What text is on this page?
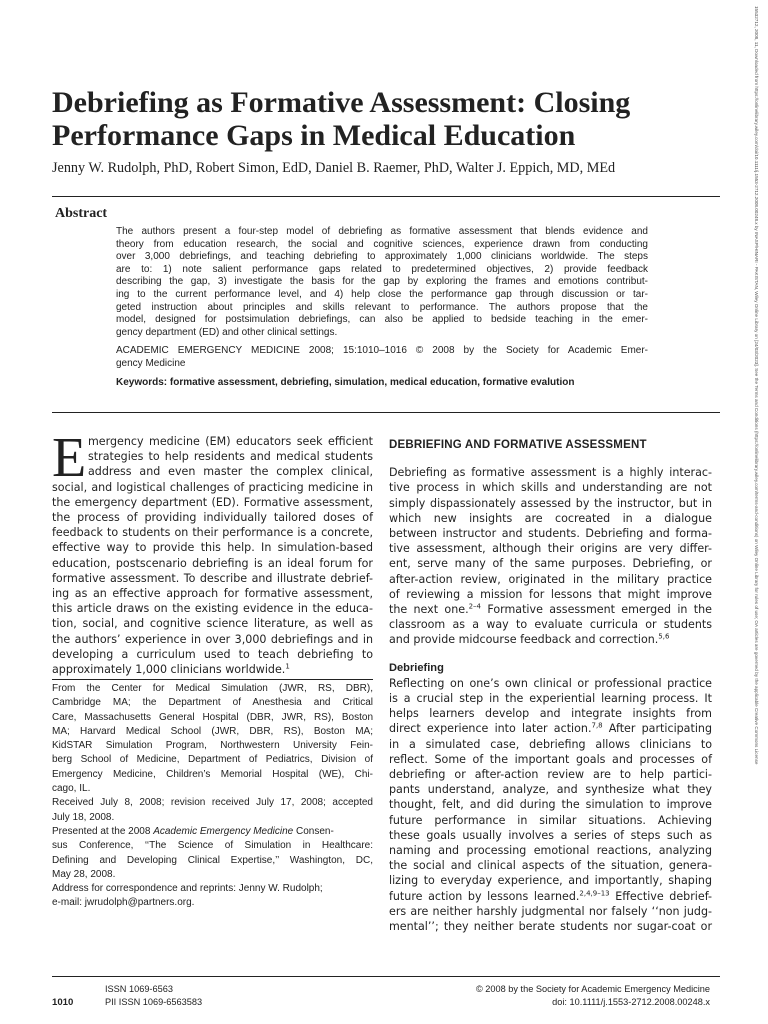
15532712, 2008, 11, Downloaded from https://onlinelibrary.wiley.com/doi/10.1111/j.1553-2712.2008.00248.x by INASP/HINARI - PAKISTAN, Wiley Online Library on [24/03/2023]. See the Terms and Conditions (https://onlinelibrary.wiley.com/terms-and-conditions) on Wiley Online Library for rules of use; OA articles are governed by the applicable Creative Commons License
Debriefing as Formative Assessment: Closing
Performance Gaps in Medical Education
Jenny W. Rudolph, PhD, Robert Simon, EdD, Daniel B. Raemer, PhD, Walter J. Eppich, MD, MEd
Abstract
The authors present a four-step model of debriefing as formative assessment that blends evidence and
theory from education research, the social and cognitive sciences, experience drawn from conducting
over 3,000 debriefings, and teaching debriefing to approximately 1,000 clinicians worldwide. The steps
are to: 1) note salient performance gaps related to predetermined objectives, 2) provide feedback
describing the gap, 3) investigate the basis for the gap by exploring the frames and emotions contribut-
ing to the current performance level, and 4) help close the performance gap through discussion or tar-
geted instruction about principles and skills relevant to performance. The authors propose that the
model, designed for postsimulation debriefings, can also be applied to bedside teaching in the emer-
gency department (ED) and other clinical settings.
ACADEMIC EMERGENCY MEDICINE 2008; 15:1010–1016 © 2008 by the Society for Academic Emer-
gency Medicine
Keywords: formative assessment, debriefing, simulation, medical education, formative evalution
E mergency medicine (EM) educators seek efficient
strategies to help residents and medical students
address and even master the complex clinical,
social, and logistical challenges of practicing medicine in
the emergency department (ED). Formative assessment,
the process of providing individually tailored doses of
feedback to students on their performance is a concrete,
effective way to provide this help. In simulation-based
education, postscenario debriefing is an ideal forum for
formative assessment. To describe and illustrate debrief-
ing as an effective approach for formative assessment,
this article draws on the existing evidence in the educa-
tion, social, and cognitive science literature, as well as
the authors’ experience in over 3,000 debriefings and in
developing a curriculum used to teach debriefing to
approximately 1,000 clinicians worldwide.$^1$
From the Center for Medical Simulation (JWR, RS, DBR),
Cambridge MA; the Department of Anesthesia and Critical
Care, Massachusetts General Hospital (DBR, JWR, RS), Boston
MA; Harvard Medical School (JWR, DBR, RS), Boston MA;
KidSTAR Simulation Program, Northwestern University Fein-
berg School of Medicine, Department of Pediatrics, Division of
Emergency Medicine, Children’s Memorial Hospital (WE), Chi-
cago, IL.
Received July 8, 2008; revision received July 17, 2008; accepted
July 18, 2008.
Presented at the 2008 Academic Emergency Medicine Consen-
sus Conference, ‘‘The Science of Simulation in Healthcare:
Defining and Developing Clinical Expertise,’’ Washington, DC,
May 28, 2008.
Address for correspondence and reprints: Jenny W. Rudolph;
e-mail: jwrudolph@partners.org.
DEBRIEFING AND FORMATIVE ASSESSMENT
Debriefing as formative assessment is a highly interac-
tive process in which skills and understanding are not
simply dispassionately assessed by the instructor, but in
which new insights are cocreated in a dialogue
between instructor and students. Debriefing and forma-
tive assessment, although their origins are very differ-
ent, serve many of the same purposes. Debriefing, or
after-action review, originated in the military practice
of reviewing a mission for lessons that might improve
the next one.$^{2-4}$ Formative assessment emerged in the
classroom as a way to evaluate curricula or students
and provide midcourse feedback and correction.$^{5,6}$
Debriefing
Reflecting on one’s own clinical or professional practice
is a crucial step in the experiential learning process. It
helps learners develop and integrate insights from
direct experience into later action.$^{7,8}$ After participating
in a simulated case, debriefing allows clinicians to
reflect. Some of the important goals and processes of
debriefing or after-action review are to help partici-
pants understand, analyze, and synthesize what they
thought, felt, and did during the simulation to improve
future performance in similar situations. Achieving
these goals usually involves a series of steps such as
naming and processing emotional reactions, analyzing
the social and clinical aspects of the situation, genera-
lizing to everyday experience, and importantly, shaping
future action by lessons learned.$^{2,4,9-13}$ Effective debrief-
ers are neither harshly judgmental nor falsely ‘‘non judg-
mental’’; they neither berate students nor sugar-coat or
1010
ISSN 1069-6563
PII ISSN 1069-6563583
© 2008 by the Society for Academic Emergency Medicine
doi: 10.1111/j.1553-2712.2008.00248.x
